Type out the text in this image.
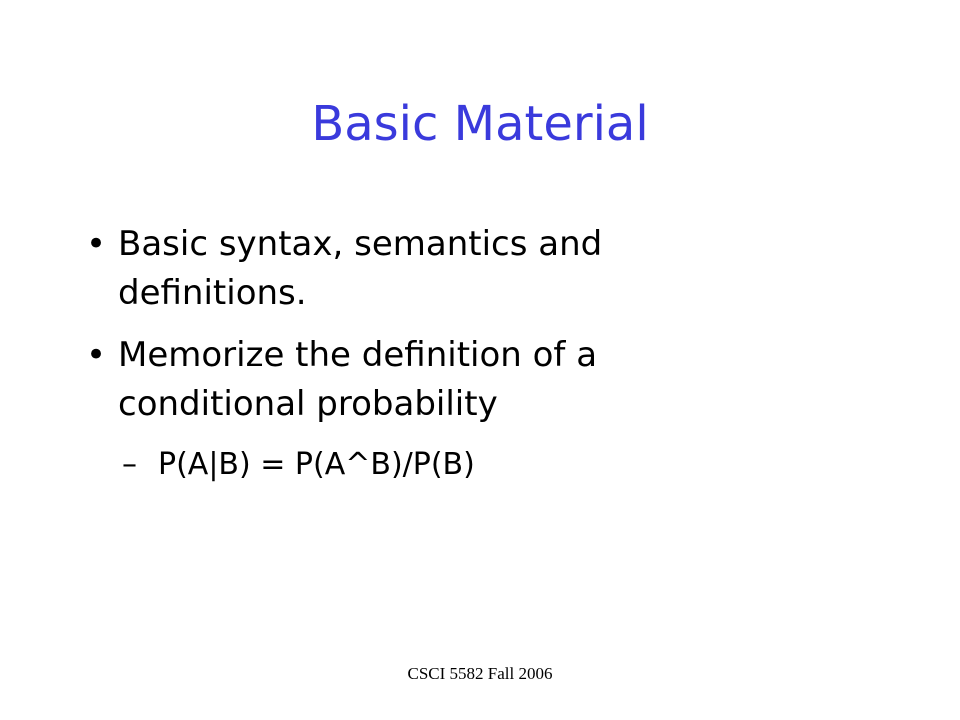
Basic Material
• Basic syntax, semantics and
definitions.
• Memorize the definition of a
conditional probability
– P(A|B) = P(A^B)/P(B)
CSCI 5582 Fall 2006
